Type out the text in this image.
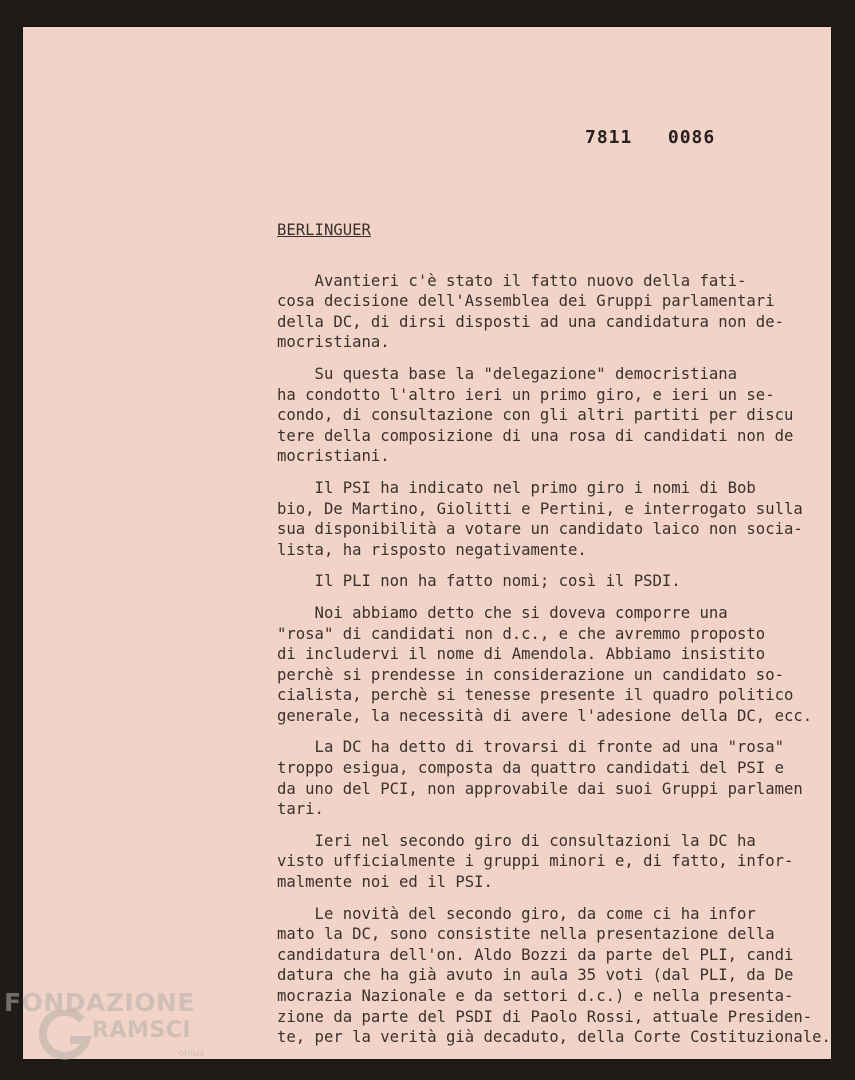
7811   0086
BERLINGUER
Avantieri c'è stato il fatto nuovo della fati-
cosa decisione dell'Assemblea dei Gruppi parlamentari
della DC, di dirsi disposti ad una candidatura non de-
mocristiana.
Su questa base la "delegazione" democristiana
ha condotto l'altro ieri un primo giro, e ieri un se-
condo, di consultazione con gli altri partiti per discu
tere della composizione di una rosa di candidati non de
mocristiani.
Il PSI ha indicato nel primo giro i nomi di Bob
bio, De Martino, Giolitti e Pertini, e interrogato sulla
sua disponibilità a votare un candidato laico non socia-
lista, ha risposto negativamente.
Il PLI non ha fatto nomi; così il PSDI.
Noi abbiamo detto che si doveva comporre una
"rosa" di candidati non d.c., e che avremmo proposto
di includervi il nome di Amendola. Abbiamo insistito
perchè si prendesse in considerazione un candidato so-
cialista, perchè si tenesse presente il quadro politico
generale, la necessità di avere l'adesione della DC, ecc.
La DC ha detto di trovarsi di fronte ad una "rosa"
troppo esigua, composta da quattro candidati del PSI e
da uno del PCI, non approvabile dai suoi Gruppi parlamen
tari.
Ieri nel secondo giro di consultazioni la DC ha
visto ufficialmente i gruppi minori e, di fatto, infor-
malmente noi ed il PSI.
Le novità del secondo giro, da come ci ha infor
mato la DC, sono consistite nella presentazione della
candidatura dell'on. Aldo Bozzi da parte del PLI, candi
datura che ha già avuto in aula 35 voti (dal PLI, da De
mocrazia Nazionale e da settori d.c.) e nella presenta-
zione da parte del PSDI di Paolo Rossi, attuale Presiden-
te, per la verità già decaduto, della Corte Costituzionale.
FONDAZIONE
RAMSCI
onlus
